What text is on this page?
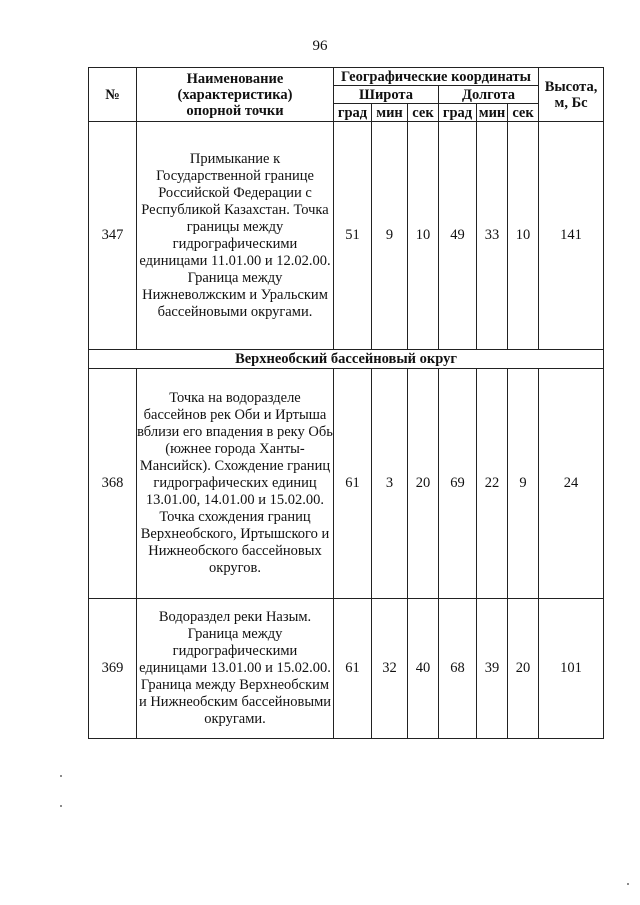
96
№	Наименование
(характеристика)
опорной точки	Географические координаты						Высота,
м, Бс
		Широта			Долгота			
		град	мин	сек	град	мин	сек	
347	Примыкание к Государственной границе Российской Федерации с Республикой Казахстан. Точка границы между гидрографическими единицами 11.01.00 и 12.02.00. Граница между Нижневолжским и Уральским бассейновыми округами.	51	9	10	49	33	10	141
Верхнеобский бассейновый округ								
368	Точка на водоразделе бассейнов рек Оби и Иртыша вблизи его впадения в реку Обь (южнее города Ханты-Мансийск). Схождение границ гидрографических единиц 13.01.00, 14.01.00 и 15.02.00. Точка схождения границ Верхнеобского, Иртышского и Нижнеобского бассейновых округов.	61	3	20	69	22	9	24
369	Водораздел реки Назым. Граница между гидрографическими единицами 13.01.00 и 15.02.00. Граница между Верхнеобским и Нижнеобским бассейновыми округами.	61	32	40	68	39	20	101
